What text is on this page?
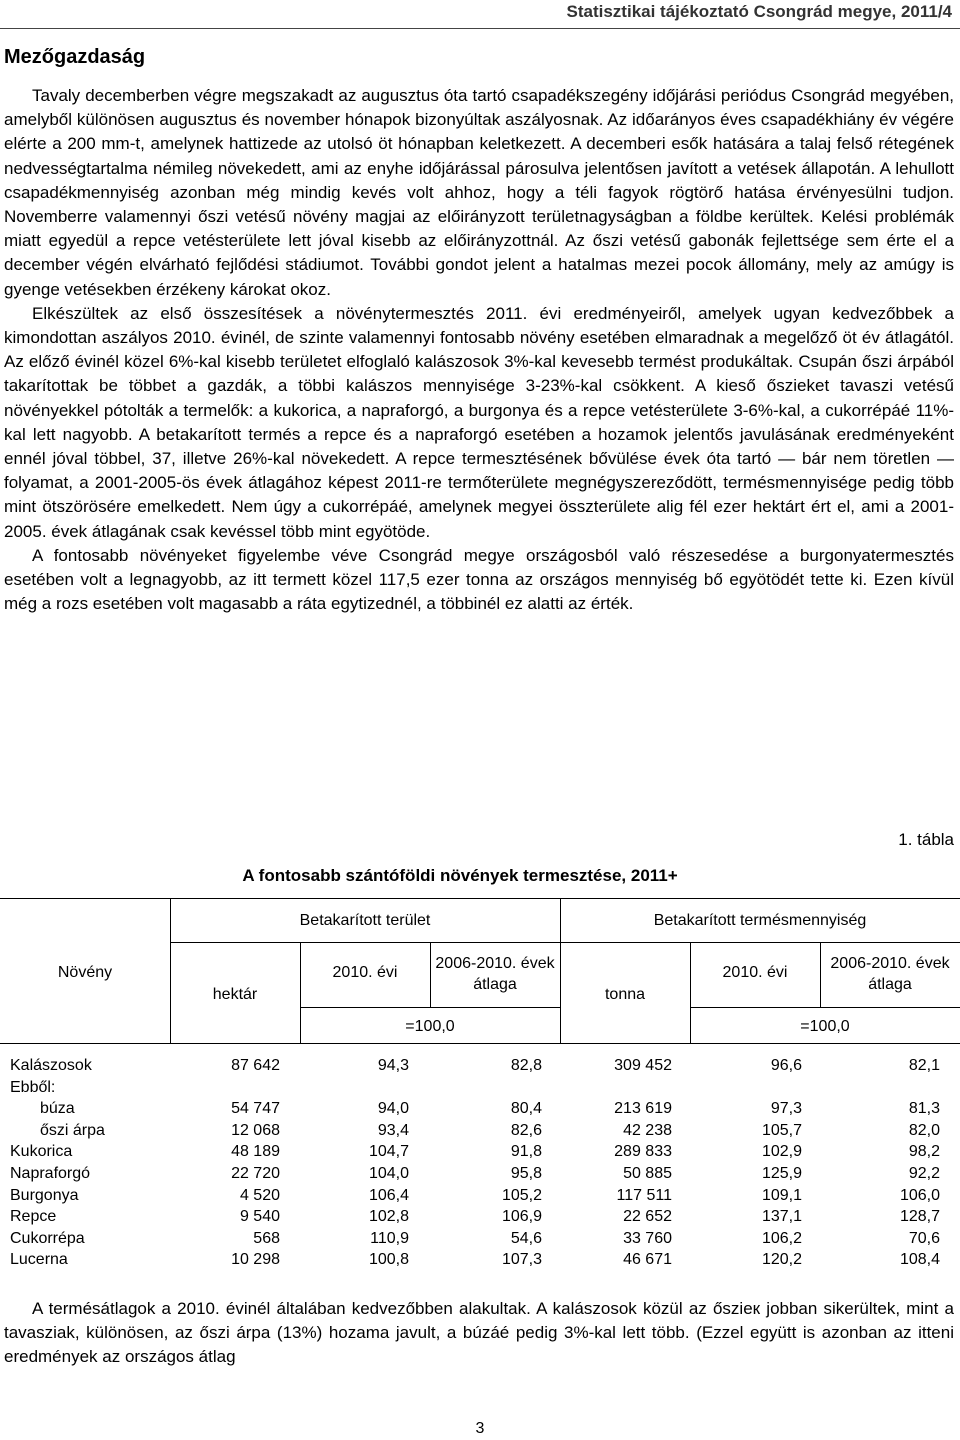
Statisztikai tájékoztató Csongrád megye, 2011/4
Mezőgazdaság

Tavaly decemberben végre megszakadt az augusztus óta tartó csapadékszegény időjárási periódus Csongrád megyében, amelyből különösen augusztus és november hónapok bizonyúltak aszályosnak. Az időarányos éves csapadékhiány év végére elérte a 200 mm-t, amelynek hattizede az utolsó öt hónapban keletkezett. A decemberi esők hatására a talaj felső rétegének nedvességtartalma némileg növekedett, ami az enyhe időjárással párosulva jelentősen javított a vetések állapotán. A lehullott csapadékmennyiség azonban még mindig kevés volt ahhoz, hogy a téli fagyok rögtörő hatása érvényesülni tudjon. Novemberre valamennyi őszi vetésű növény magjai az előirányzott területnagyságban a földbe kerültek. Kelési problémák miatt egyedül a repce vetésterülete lett jóval kisebb az előirányzottnál. Az őszi vetésű gabonák fejlettsége sem érte el a december végén elvárható fejlődési stádiumot. További gondot jelent a hatalmas mezei pocok állomány, mely az amúgy is gyenge vetésekben érzékeny károkat okoz.

Elkészültek az első összesítések a növénytermesztés 2011. évi eredményeiről, amelyek ugyan kedvezőbbek a kimondottan aszályos 2010. évinél, de szinte valamennyi fontosabb növény esetében elmaradnak a megelőző öt év átlagától. Az előző évinél közel 6%-kal kisebb területet elfoglaló kalászosok 3%-kal kevesebb termést produkáltak. Csupán őszi árpából takarítottak be többet a gazdák, a többi kalászos mennyisége 3-23%-kal csökkent. A kieső őszieket tavaszi vetésű növényekkel pótolták a termelők: a kukorica, a napraforgó, a burgonya és a repce vetésterülete 3-6%-kal, a cukorrépáé 11%-kal lett nagyobb. A betakarított termés a repce és a napraforgó esetében a hozamok jelentős javulásának eredményeként ennél jóval többel, 37, illetve 26%-kal növekedett. A repce termesztésének bővülése évek óta tartó — bár nem töretlen — folyamat, a 2001-2005-ös évek átlagához képest 2011-re termőterülete megnégyszereződött, termésmennyisége pedig több mint ötszörösére emelkedett. Nem úgy a cukorrépáé, amelynek megyei összterülete alig fél ezer hektárt ért el, ami a 2001-2005. évek átlagának csak kevéssel több mint egyötöde.

A fontosabb növényeket figyelembe véve Csongrád megye országosból való részesedése a burgonyatermesztés esetében volt a legnagyobb, az itt termett közel 117,5 ezer tonna az országos mennyiség bő egyötödét tette ki. Ezen kívül még a rozs esetében volt magasabb a ráta egytizednél, a többinél ez alatti az érték.

1. tábla
A fontosabb szántóföldi növények termesztése, 2011+
Növény
Betakarított terület	Betakarított termésmennyiség
hektár
2010. évi
2006-2010. évek átlaga
=100,0
tonna
2010. évi
2006-2010. évek átlaga
=100,0
Kalászosok	87 642	94,3	82,8	309 452	96,6	82,1
Ebből:
búza	54 747	94,0	80,4	213 619	97,3	81,3
őszi árpa	12 068	93,4	82,6	42 238	105,7	82,0
Kukorica	48 189	104,7	91,8	289 833	102,9	98,2
Napraforgó	22 720	104,0	95,8	50 885	125,9	92,2
Burgonya	4 520	106,4	105,2	117 511	109,1	106,0
Repce	9 540	102,8	106,9	22 652	137,1	128,7
Cukorrépa	568	110,9	54,6	33 760	106,2	70,6
Lucerna	10 298	100,8	107,3	46 671	120,2	108,4

A termésátlagok a 2010. évinél általában kedvezőbben alakultak. A kalászosok közül az őszieк jobban sikerültek, mint a tavasziak, különösen, az őszi árpa (13%) hozama javult, a búzáé pedig 3%-kal lett több. (Ezzel együtt is azonban az itteni eredmények az országos átlag

3
